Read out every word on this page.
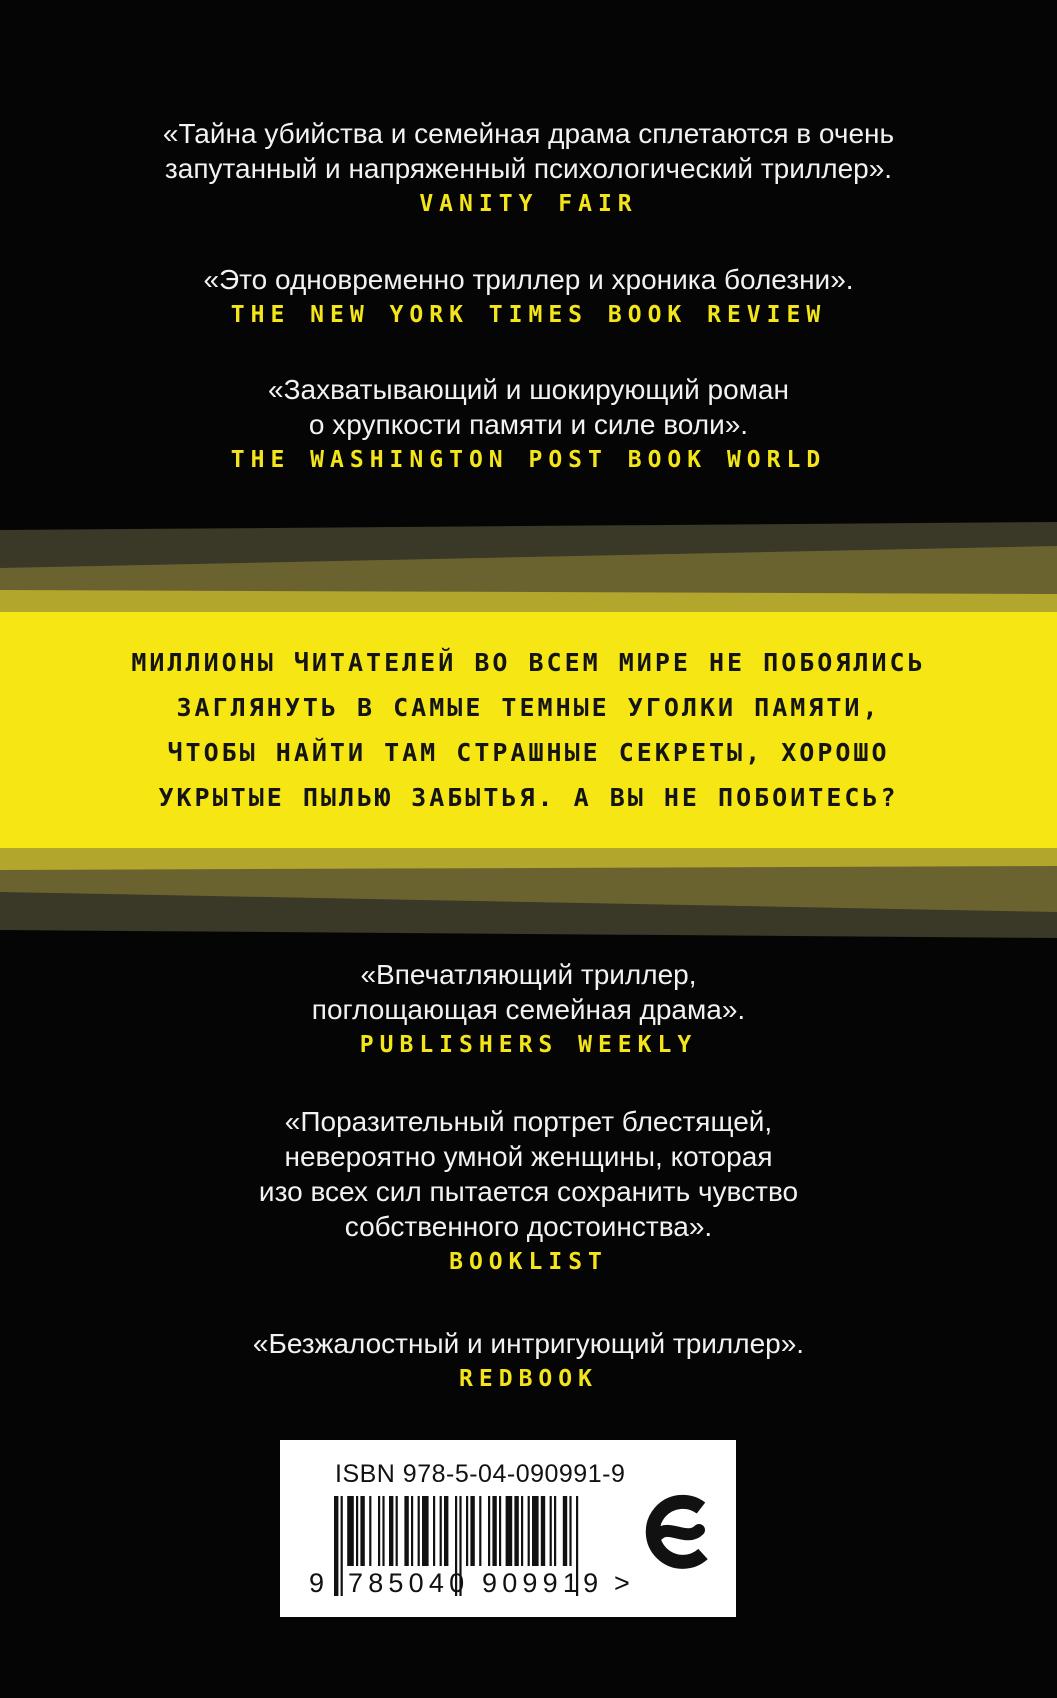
«Тайна убийства и семейная драма сплетаются в очень
запутанный и напряженный психологический триллер».
VANITY FAIR
«Это одновременно триллер и хроника болезни».
THE NEW YORK TIMES BOOK REVIEW
«Захватывающий и шокирующий роман
о хрупкости памяти и силе воли».
THE WASHINGTON POST BOOK WORLD
МИЛЛИОНЫ ЧИТАТЕЛЕЙ ВО ВСЕМ МИРЕ НЕ ПОБОЯЛИСЬ
ЗАГЛЯНУТЬ В САМЫЕ ТЕМНЫЕ УГОЛКИ ПАМЯТИ,
ЧТОБЫ НАЙТИ ТАМ СТРАШНЫЕ СЕКРЕТЫ, ХОРОШО
УКРЫТЫЕ ПЫЛЬЮ ЗАБЫТЬЯ. А ВЫ НЕ ПОБОИТЕСЬ?
«Впечатляющий триллер,
поглощающая семейная драма».
PUBLISHERS WEEKLY
«Поразительный портрет блестящей,
невероятно умной женщины, которая
изо всех сил пытается сохранить чувство
собственного достоинства».
BOOKLIST
«Безжалостный и интригующий триллер».
REDBOOK
ISBN 978-5-04-090991-9
9 785040 909919 >
